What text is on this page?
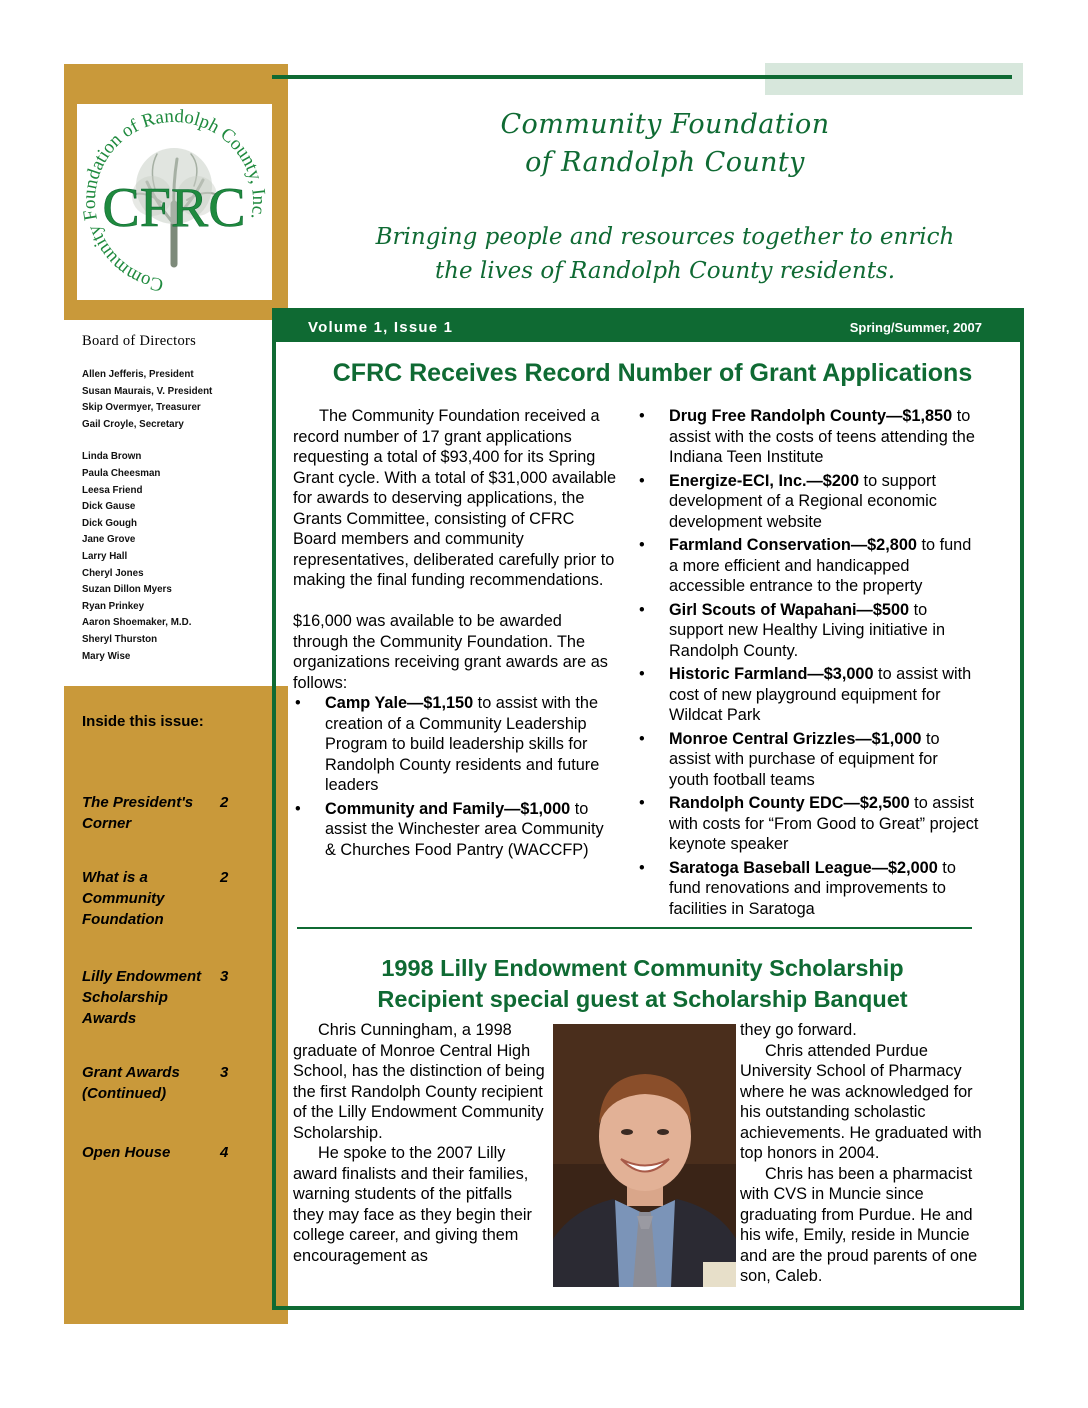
CFRC
Community Foundation of Randolph County, Inc.
Board of Directors
Allen Jefferis, President
Susan Maurais, V. President
Skip Overmyer, Treasurer
Gail Croyle, Secretary
Linda Brown
Paula Cheesman
Leesa Friend
Dick Gause
Dick Gough
Jane Grove
Larry Hall
Cheryl Jones
Suzan Dillon Myers
Ryan Prinkey
Aaron Shoemaker, M.D.
Sheryl Thurston
Mary Wise
Inside this issue:
The President's Corner
2
What is a Community Foundation
2
Lilly Endowment Scholarship Awards
3
Grant Awards (Continued)
3
Open House	4
Community Foundation
of Randolph County
Bringing people and resources together to enrich
the lives of Randolph County residents.
Volume 1, Issue 1	Spring/Summer, 2007
CFRC Receives Record Number of Grant Applications

The Community Foundation received a record number of 17 grant applications requesting a total of $93,400 for its Spring Grant cycle. With a total of $31,000 available for awards to deserving applications, the Grants Committee, consisting of CFRC Board members and community representatives, deliberated carefully prior to making the final funding recommendations.

$16,000 was available to be awarded through the Community Foundation. The organizations receiving grant awards are as follows:

• Camp Yale—$1,150 to assist with the creation of a Community Leadership Program to build leadership skills for Randolph County residents and future leaders
• Community and Family—$1,000 to assist the Winchester area Community & Churches Food Pantry (WACCFP)
• Drug Free Randolph County—$1,850 to assist with the costs of teens attending the Indiana Teen Institute
• Energize-ECI, Inc.—$200 to support development of a Regional economic development website
• Farmland Conservation—$2,800 to fund a more efficient and handicapped accessible entrance to the property
• Girl Scouts of Wapahani—$500 to support new Healthy Living initiative in Randolph County.
• Historic Farmland—$3,000 to assist with cost of new playground equipment for Wildcat Park
• Monroe Central Grizzles—$1,000 to assist with purchase of equipment for youth football teams
• Randolph County EDC—$2,500 to assist with costs for “From Good to Great” project keynote speaker
• Saratoga Baseball League—$2,000 to fund renovations and improvements to facilities in Saratoga
1998 Lilly Endowment Community Scholarship
Recipient special guest at Scholarship Banquet

Chris Cunningham, a 1998 graduate of Monroe Central High School, has the distinction of being the first Randolph County recipient of the Lilly Endowment Community Scholarship.

He spoke to the 2007 Lilly award finalists and their families, warning students of the pitfalls they may face as they begin their college career, and giving them encouragement as

they go forward.

Chris attended Purdue University School of Pharmacy where he was acknowledged for his outstanding scholastic achievements. He graduated with top honors in 2004.

Chris has been a pharmacist with CVS in Muncie since graduating from Purdue. He and his wife, Emily, reside in Muncie and are the proud parents of one son, Caleb.
